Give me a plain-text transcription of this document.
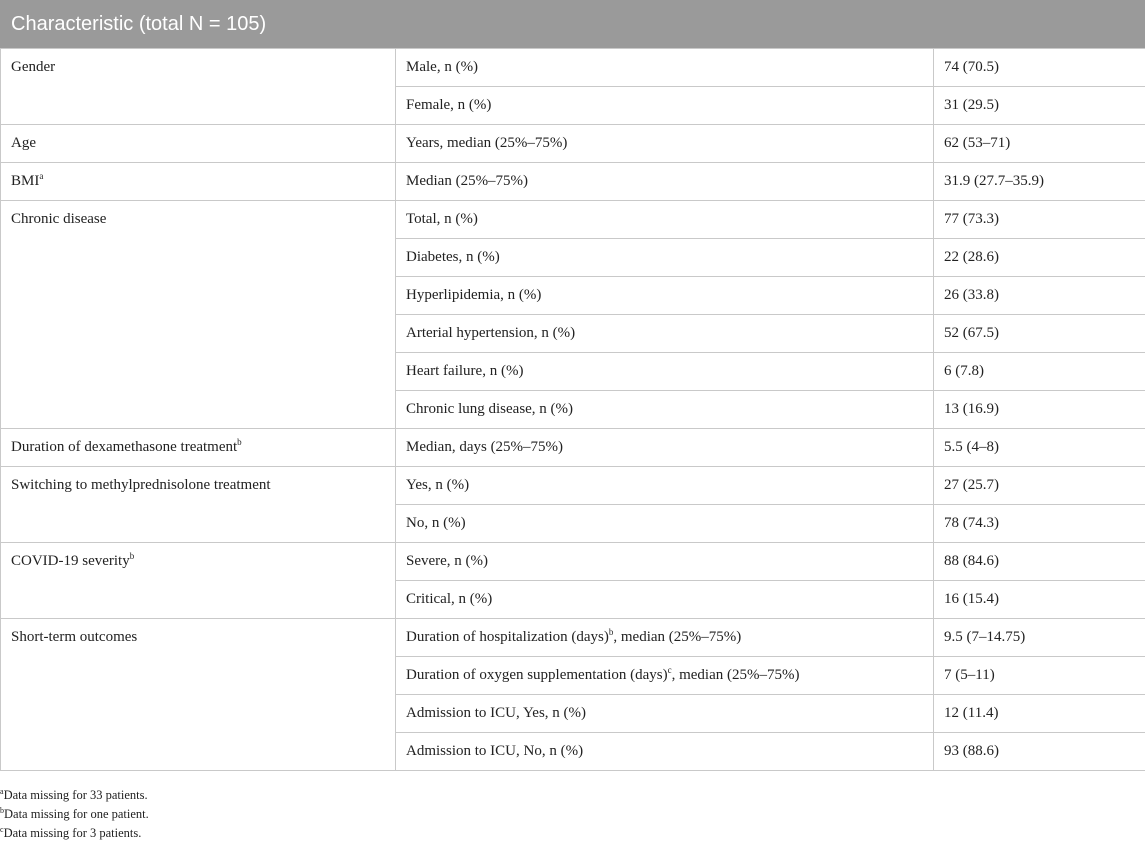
Characteristic (total N = 105)
Gender	Male, n (%)	74 (70.5)
	Female, n (%)	31 (29.5)
Age	Years, median (25%–75%)	62 (53–71)
BMI$^a$	Median (25%–75%)	31.9 (27.7–35.9)
Chronic disease	Total, n (%)	77 (73.3)
	Diabetes, n (%)	22 (28.6)
	Hyperlipidemia, n (%)	26 (33.8)
	Arterial hypertension, n (%)	52 (67.5)
	Heart failure, n (%)	6 (7.8)
	Chronic lung disease, n (%)	13 (16.9)
Duration of dexamethasone treatment$^b$	Median, days (25%–75%)	5.5 (4–8)
Switching to methylprednisolone treatment	Yes, n (%)	27 (25.7)
	No, n (%)	78 (74.3)
COVID-19 severity$^b$	Severe, n (%)	88 (84.6)
	Critical, n (%)	16 (15.4)
Short-term outcomes	Duration of hospitalization (days)$^b$, median (25%–75%)	9.5 (7–14.75)
	Duration of oxygen supplementation (days)$^c$, median (25%–75%)	7 (5–11)
	Admission to ICU, Yes, n (%)	12 (11.4)
	Admission to ICU, No, n (%)	93 (88.6)
$^a$Data missing for 33 patients.
$^b$Data missing for one patient.
$^c$Data missing for 3 patients.
